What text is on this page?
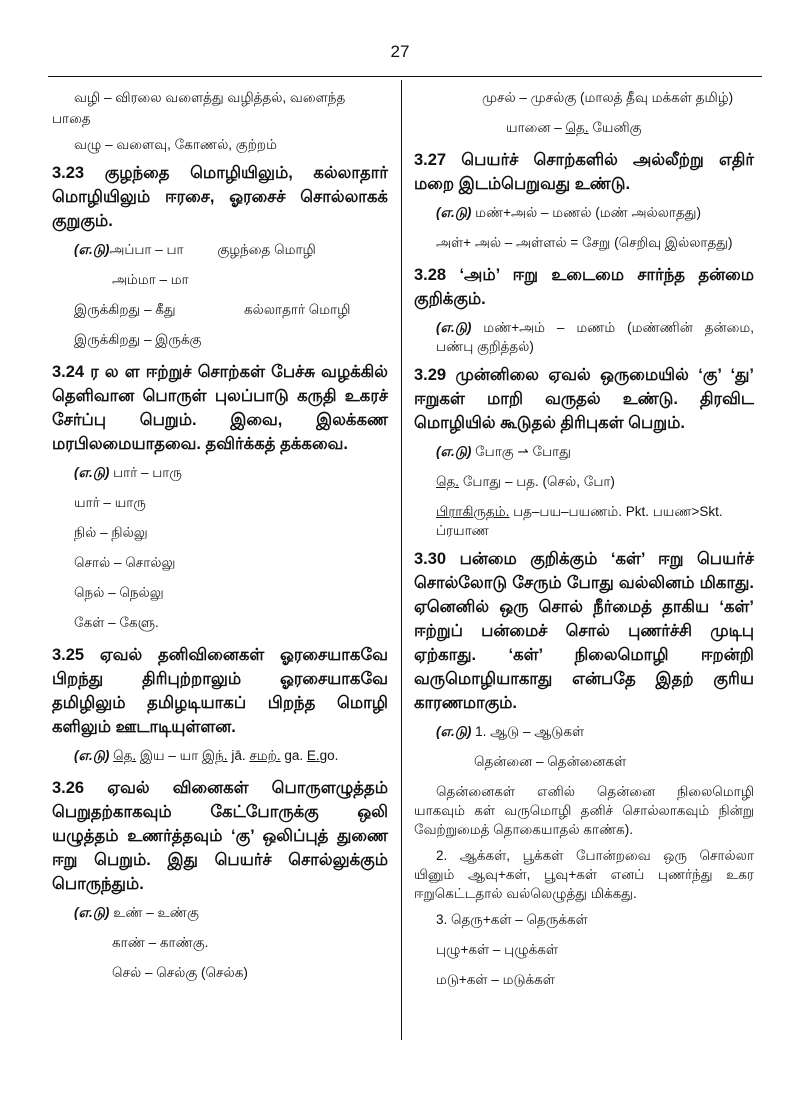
27
வழி – விரலை வளைத்து வழித்தல், வளைந்த
பாதை
வழு – வளைவு, கோணல், குற்றம்
3.23 குழந்தை மொழியிலும், கல்லாதார் மொழியிலும் ஈரசை, ஓரசைச் சொல்லாகக் குறுகும்.
(எ.டு)அப்பா – பா குழந்தை மொழி
அம்மா – மா
இருக்கிறது – கீது	கல்லாதார் மொழி
இருக்கிறது – இருக்கு
3.24 ர ல ள ஈற்றுச் சொற்கள் பேச்சு வழக்கில் தெளிவான பொருள் புலப்பாடு கருதி உகரச் சேர்ப்பு பெறும். இவை, இலக்கண மரபிலமையாதவை. தவிர்க்கத் தக்கவை.
(எ.டு) பார் – பாரு
யார் – யாரு
நில் – நில்லு
சொல் – சொல்லு
நெல் – நெல்லு
கேள் – கேளு.
3.25 ஏவல் தனிவினைகள் ஓரசையாகவே பிறந்து திரிபுற்றாலும் ஓரசையாகவே தமிழிலும் தமிழடியாகப் பிறந்த மொழி களிலும் ஊடாடியுள்ளன.
(எ.டு) தெ. இய – யா இந். jā. சமற். ga. E.go.
3.26 ஏவல் வினைகள் பொருளழுத்தம் பெறுதற்காகவும் கேட்போருக்கு ஒலி யழுத்தம் உணர்த்தவும் ‘கு’ ஒலிப்புத் துணை ஈறு பெறும். இது பெயர்ச் சொல்லுக்கும் பொருந்தும்.
(எ.டு) உண் – உண்கு
காண் – காண்கு.
செல் – செல்கு (செல்க)
முசல் – முசல்கு (மாலத் தீவு மக்கள் தமிழ்)
யானை – தெ. யேனிகு
3.27 பெயர்ச் சொற்களில் அல்லீற்று எதிர் மறை இடம்பெறுவது உண்டு.
(எ.டு) மண்+அல் – மணல் (மண் அல்லாதது)
அள்+ அல் – அள்ளல் = சேறு (செறிவு இல்லாதது)
3.28 ‘அம்’ ஈறு உடைமை சார்ந்த தன்மை குறிக்கும்.
(எ.டு) மண்+அம் – மணம் (மண்ணின் தன்மை, பண்பு குறித்தல்)
3.29 முன்னிலை ஏவல் ஒருமையில் ‘கு’ ‘து’ ஈறுகள் மாறி வருதல் உண்டு. திரவிட மொழியில் கூடுதல் திரிபுகள் பெறும்.
(எ.டு) போகு ⇀ போது
தெ. போது – பத. (செல், போ)
பிராகிருதம். பத–பய–பயணம். Pkt. பயண>Skt. ப்ரயாண
3.30 பன்மை குறிக்கும் ‘கள்’ ஈறு பெயர்ச் சொல்லோடு சேரும் போது வல்லினம் மிகாது. ஏனெனில் ஒரு சொல் நீர்மைத் தாகிய ‘கள்’ ஈற்றுப் பன்மைச் சொல் புணர்ச்சி முடிபு ஏற்காது. ‘கள்’ நிலைமொழி ஈறன்றி வருமொழியாகாது என்பதே இதற் குரிய காரணமாகும்.
(எ.டு) 1. ஆடு – ஆடுகள்
தென்னை – தென்னைகள்
தென்னைகள் எனில் தென்னை நிலைமொழி யாகவும் கள் வருமொழி தனிச் சொல்லாகவும் நின்று வேற்றுமைத் தொகையாதல் காண்க).
2. ஆக்கள், பூக்கள் போன்றவை ஒரு சொல்லா யினும் ஆவு+கள், பூவு+கள் எனப் புணர்ந்து உகர ஈறுகெட்டதால் வல்லெழுத்து மிக்கது.
3. தெரு+கள் – தெருக்கள்
புழு+கள் – புழுக்கள்
மடு+கள் – மடுக்கள்
